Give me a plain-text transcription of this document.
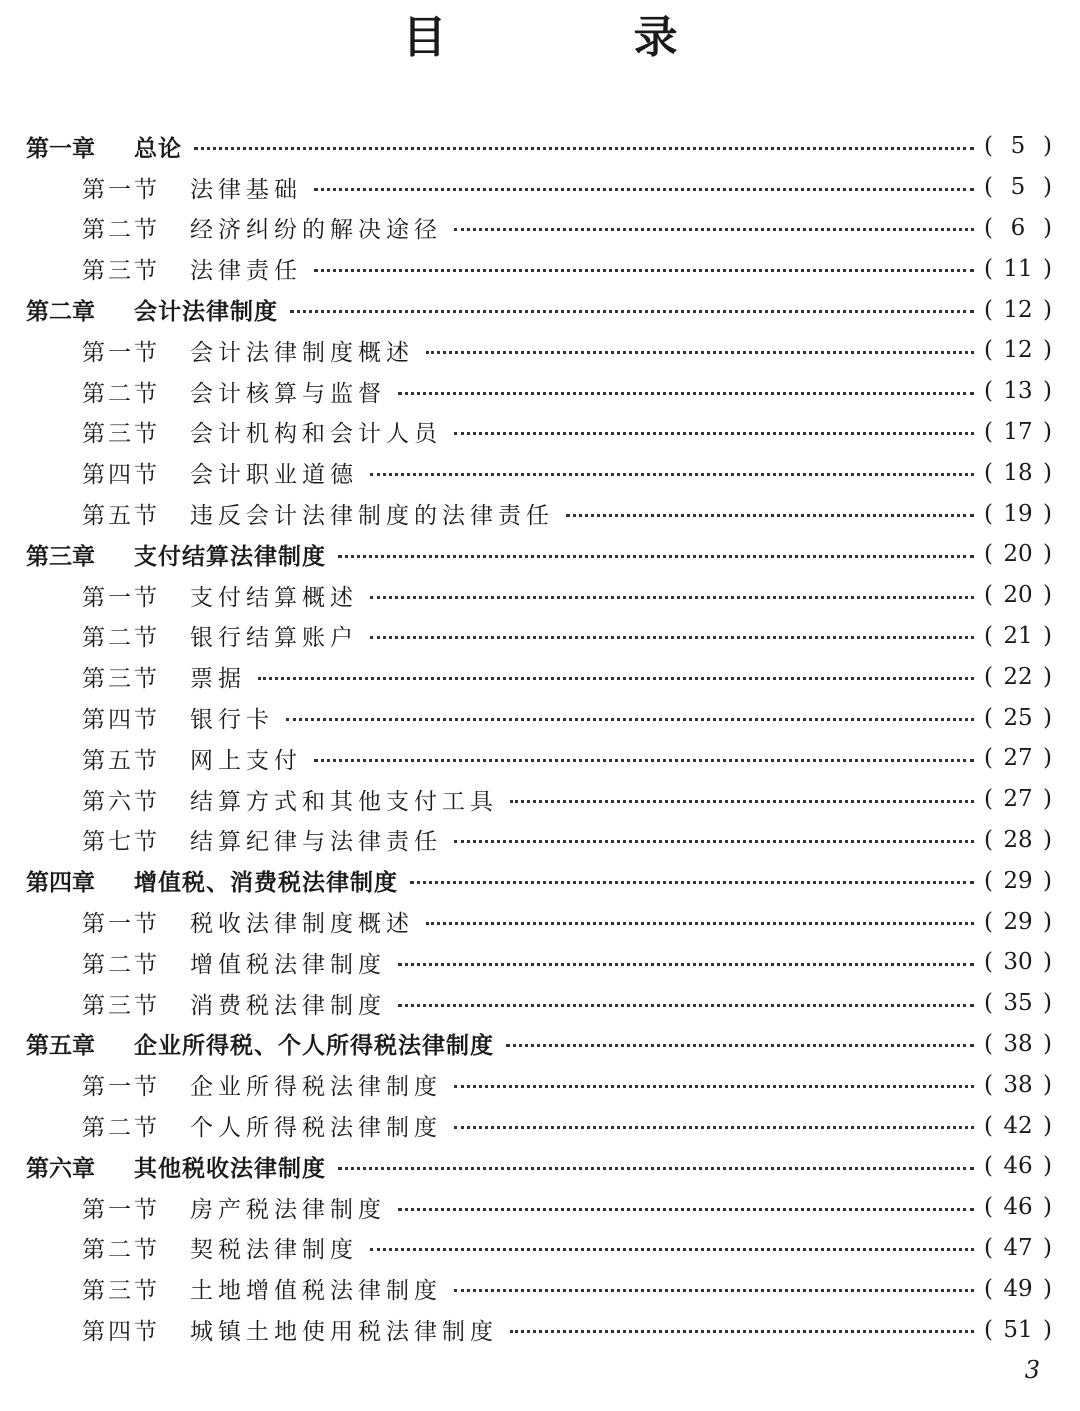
目 录
第一章	总论	( 5 )
第一节	法律基础	( 5 )
第二节	经济纠纷的解决途径	( 6 )
第三节	法律责任	( 11 )
第二章	会计法律制度	( 12 )
第一节	会计法律制度概述	( 12 )
第二节	会计核算与监督	( 13 )
第三节	会计机构和会计人员	( 17 )
第四节	会计职业道德	( 18 )
第五节	违反会计法律制度的法律责任	( 19 )
第三章	支付结算法律制度	( 20 )
第一节	支付结算概述	( 20 )
第二节	银行结算账户	( 21 )
第三节	票据	( 22 )
第四节	银行卡	( 25 )
第五节	网上支付	( 27 )
第六节	结算方式和其他支付工具	( 27 )
第七节	结算纪律与法律责任	( 28 )
第四章	增值税、消费税法律制度	( 29 )
第一节	税收法律制度概述	( 29 )
第二节	增值税法律制度	( 30 )
第三节	消费税法律制度	( 35 )
第五章	企业所得税、个人所得税法律制度	( 38 )
第一节	企业所得税法律制度	( 38 )
第二节	个人所得税法律制度	( 42 )
第六章	其他税收法律制度	( 46 )
第一节	房产税法律制度	( 46 )
第二节	契税法律制度	( 47 )
第三节	土地增值税法律制度	( 49 )
第四节	城镇土地使用税法律制度	( 51 )
3
